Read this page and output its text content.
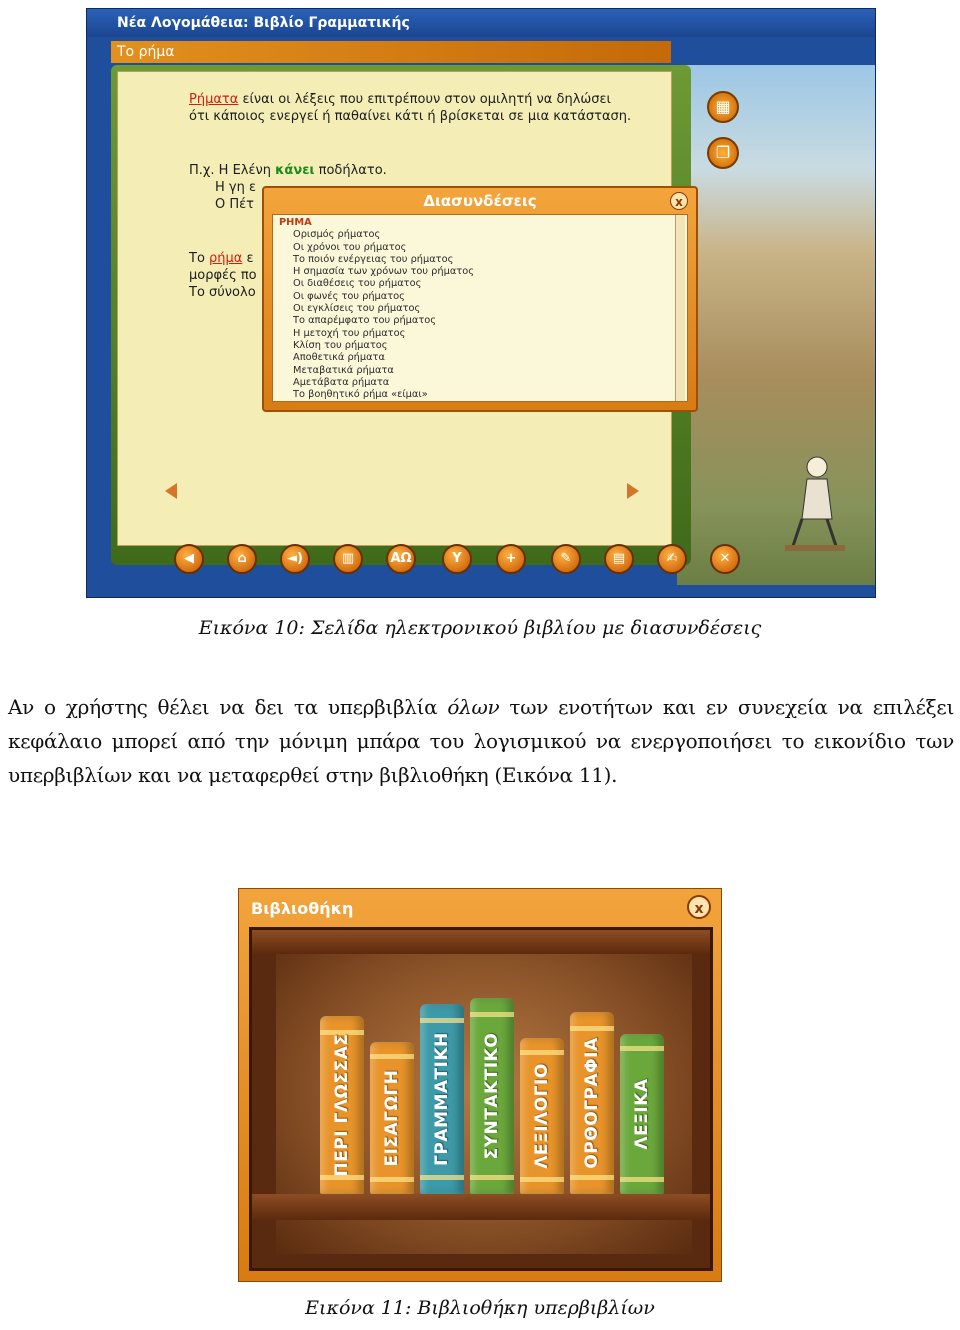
Νέα Λογομάθεια: Βιβλίο Γραμματικής
Το ρήμα

Ρήματα είναι οι λέξεις που επιτρέπουν στον ομιλητή να δηλώσει

ότι κάποιος ενεργεί ή παθαίνει κάτι ή βρίσκεται σε μια κατάσταση.

Π.χ. Η Ελένη κάνει ποδήλατο.

Η γη ε

Ο Πέτ

Το ρήμα ε

μορφές πο

Το σύνολο

▦
❐
Διασυνδέσεις	x
ΡΗΜΑ
Ορισμός ρήματος
Οι χρόνοι του ρήματος
Το ποιόν ενέργειας του ρήματος
Η σημασία των χρόνων του ρήματος
Οι διαθέσεις του ρήματος
Οι φωνές του ρήματος
Οι εγκλίσεις του ρήματος
Το απαρέμφατο του ρήματος
Η μετοχή του ρήματος
Κλίση του ρήματος
Αποθετικά ρήματα
Μεταβατικά ρήματα
Αμετάβατα ρήματα
Το βοηθητικό ρήμα «είμαι»
◀	⌂	◄)	▥	ΑΩ	Y	+	✎	▤	✍	✕
Εικόνα 10: Σελίδα ηλεκτρονικού βιβλίου με διασυνδέσεις

Αν ο χρήστης θέλει να δει τα υπερβιβλία όλων των ενοτήτων και εν συνεχεία να επιλέξει κεφάλαιο μπορεί από την μόνιμη μπάρα του λογισμικού να ενεργοποιήσει το εικονίδιο των υπερβιβλίων και να μεταφερθεί στην βιβλιοθήκη (Εικόνα 11).

Βιβλιοθήκη	x
ΠΕΡΙ ΓΛΩΣΣΑΣ ΕΙΣΑΓΩΓΗ ΓΡΑΜΜΑΤΙΚΗ ΣΥΝΤΑΚΤΙΚΟ ΛΕΞΙΛΟΓΙΟ ΟΡΘΟΓΡΑΦΙΑ ΛΕΞΙΚΑ
Εικόνα 11: Βιβλιοθήκη υπερβιβλίων
